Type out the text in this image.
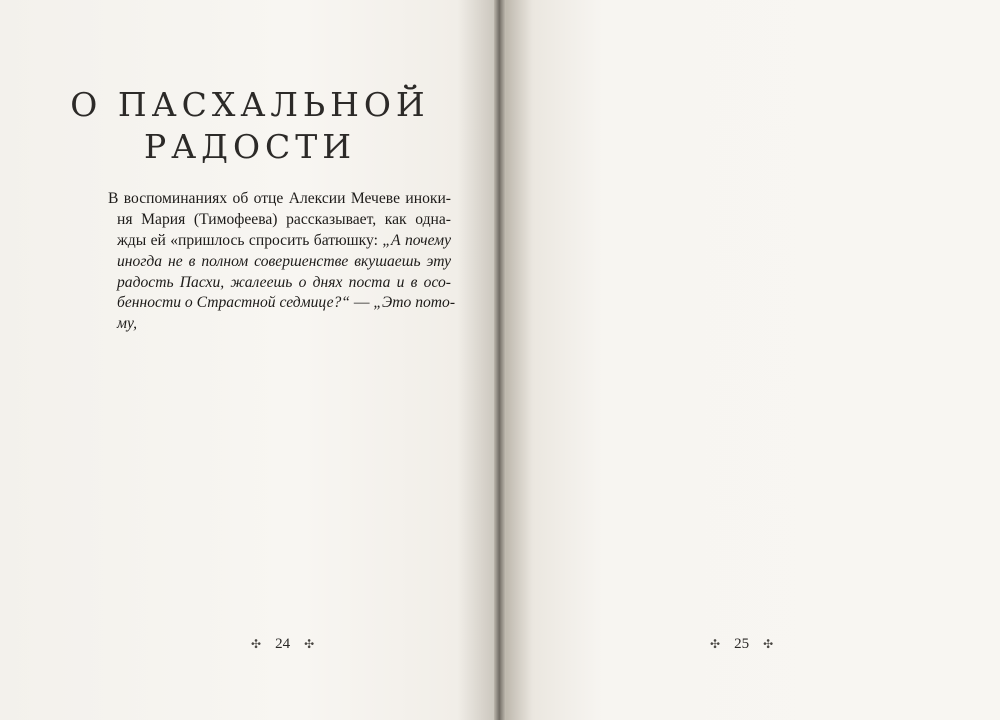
О ПАСХАЛЬНОЙ
РАДОСТИ
В воспоминаниях об отце Алексии Мечеве иноки-
ня Мария (Тимофеева) рассказывает, как одна-
жды ей «пришлось спросить батюшку: „А почему
иногда не в полном совершенстве вкушаешь эту
радость Пасхи, жалеешь о днях поста и в осо-
бенности о Страстной седмице?“ — „Это пото-
му,
✣ 24 ✣	✣ 25 ✣
